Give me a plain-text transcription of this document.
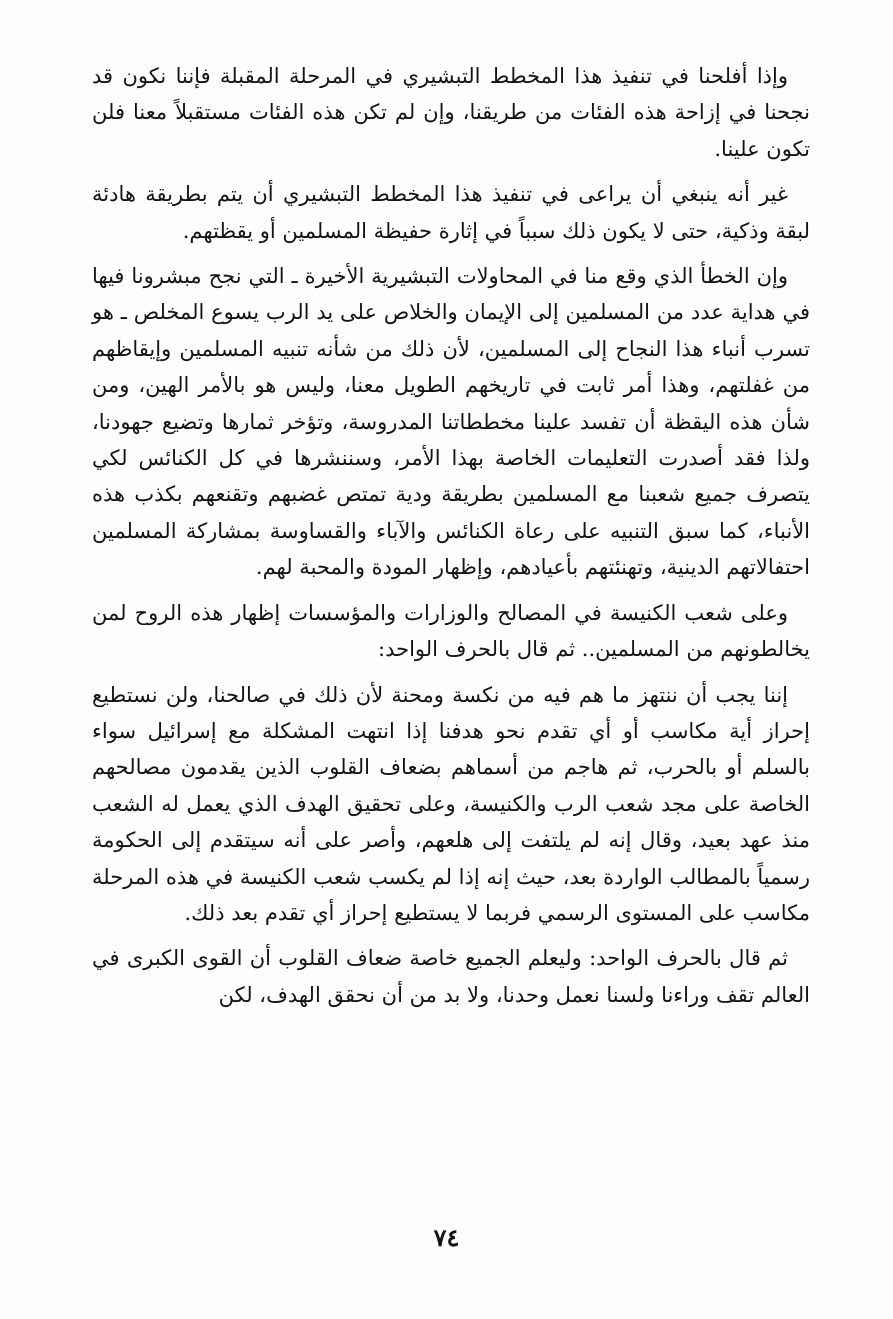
وإذا أفلحنا في تنفيذ هذا المخطط التبشيري في المرحلة المقبلة فإننا نكون قد نجحنا في إزاحة هذه الفئات من طريقنا، وإن لم تكن هذه الفئات مستقبلاً معنا فلن تكون علينا.

غير أنه ينبغي أن يراعى في تنفيذ هذا المخطط التبشيري أن يتم بطريقة هادئة لبقة وذكية، حتى لا يكون ذلك سبباً في إثارة حفيظة المسلمين أو يقظتهم.

وإن الخطأ الذي وقع منا في المحاولات التبشيرية الأخيرة ـ التي نجح مبشرونا فيها في هداية عدد من المسلمين إلى الإيمان والخلاص على يد الرب يسوع المخلص ـ هو تسرب أنباء هذا النجاح إلى المسلمين، لأن ذلك من شأنه تنبيه المسلمين وإيقاظهم من غفلتهم، وهذا أمر ثابت في تاريخهم الطويل معنا، وليس هو بالأمر الهين، ومن شأن هذه اليقظة أن تفسد علينا مخططاتنا المدروسة، وتؤخر ثمارها وتضيع جهودنا، ولذا فقد أصدرت التعليمات الخاصة بهذا الأمر، وسننشرها في كل الكنائس لكي يتصرف جميع شعبنا مع المسلمين بطريقة ودية تمتص غضبهم وتقنعهم بكذب هذه الأنباء، كما سبق التنبيه على رعاة الكنائس والآباء والقساوسة بمشاركة المسلمين احتفالاتهم الدينية، وتهنئتهم بأعيادهم، وإظهار المودة والمحبة لهم.

وعلى شعب الكنيسة في المصالح والوزارات والمؤسسات إظهار هذه الروح لمن يخالطونهم من المسلمين.. ثم قال بالحرف الواحد:

إننا يجب أن ننتهز ما هم فيه من نكسة ومحنة لأن ذلك في صالحنا، ولن نستطيع إحراز أية مكاسب أو أي تقدم نحو هدفنا إذا انتهت المشكلة مع إسرائيل سواء بالسلم أو بالحرب، ثم هاجم من أسماهم بضعاف القلوب الذين يقدمون مصالحهم الخاصة على مجد شعب الرب والكنيسة، وعلى تحقيق الهدف الذي يعمل له الشعب منذ عهد بعيد، وقال إنه لم يلتفت إلى هلعهم، وأصر على أنه سيتقدم إلى الحكومة رسمياً بالمطالب الواردة بعد، حيث إنه إذا لم يكسب شعب الكنيسة في هذه المرحلة مكاسب على المستوى الرسمي فربما لا يستطيع إحراز أي تقدم بعد ذلك.

ثم قال بالحرف الواحد: وليعلم الجميع خاصة ضعاف القلوب أن القوى الكبرى في العالم تقف وراءنا ولسنا نعمل وحدنا، ولا بد من أن نحقق الهدف، لكن

٧٤
